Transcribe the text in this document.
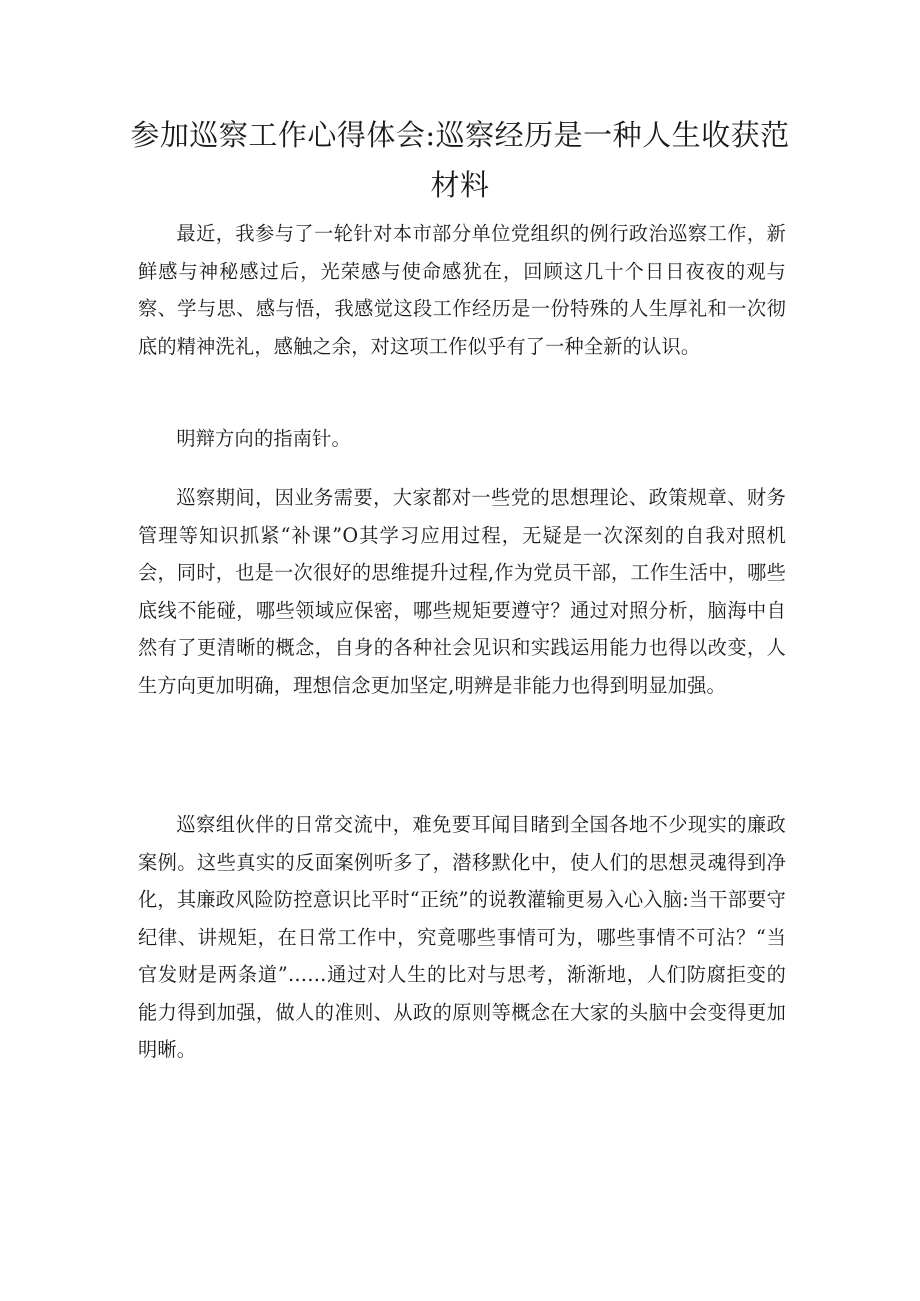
参加巡察工作心得体会:巡察经历是一种人生收获范材料

最近，我参与了一轮针对本市部分单位党组织的例行政治巡察工作，新鲜感与神秘感过后，光荣感与使命感犹在，回顾这几十个日日夜夜的观与察、学与思、感与悟，我感觉这段工作经历是一份特殊的人生厚礼和一次彻底的精神洗礼，感触之余，对这项工作似乎有了一种全新的认识。

明辩方向的指南针。

巡察期间，因业务需要，大家都对一些党的思想理论、政策规章、财务管理等知识抓紧“补课”O其学习应用过程，无疑是一次深刻的自我对照机会，同时，也是一次很好的思维提升过程,作为党员干部，工作生活中，哪些底线不能碰，哪些领域应保密，哪些规矩要遵守？通过对照分析，脑海中自然有了更清晰的概念，自身的各种社会见识和实践运用能力也得以改变，人生方向更加明确，理想信念更加坚定,明辨是非能力也得到明显加强。

巡察组伙伴的日常交流中，难免要耳闻目睹到全国各地不少现实的廉政案例。这些真实的反面案例听多了，潜移默化中，使人们的思想灵魂得到净化，其廉政风险防控意识比平时“正统”的说教灌输更易入心入脑:当干部要守纪律、讲规矩，在日常工作中，究竟哪些事情可为，哪些事情不可沾？“当官发财是两条道”……通过对人生的比对与思考，渐渐地，人们防腐拒变的能力得到加强，做人的准则、从政的原则等概念在大家的头脑中会变得更加明晰。
